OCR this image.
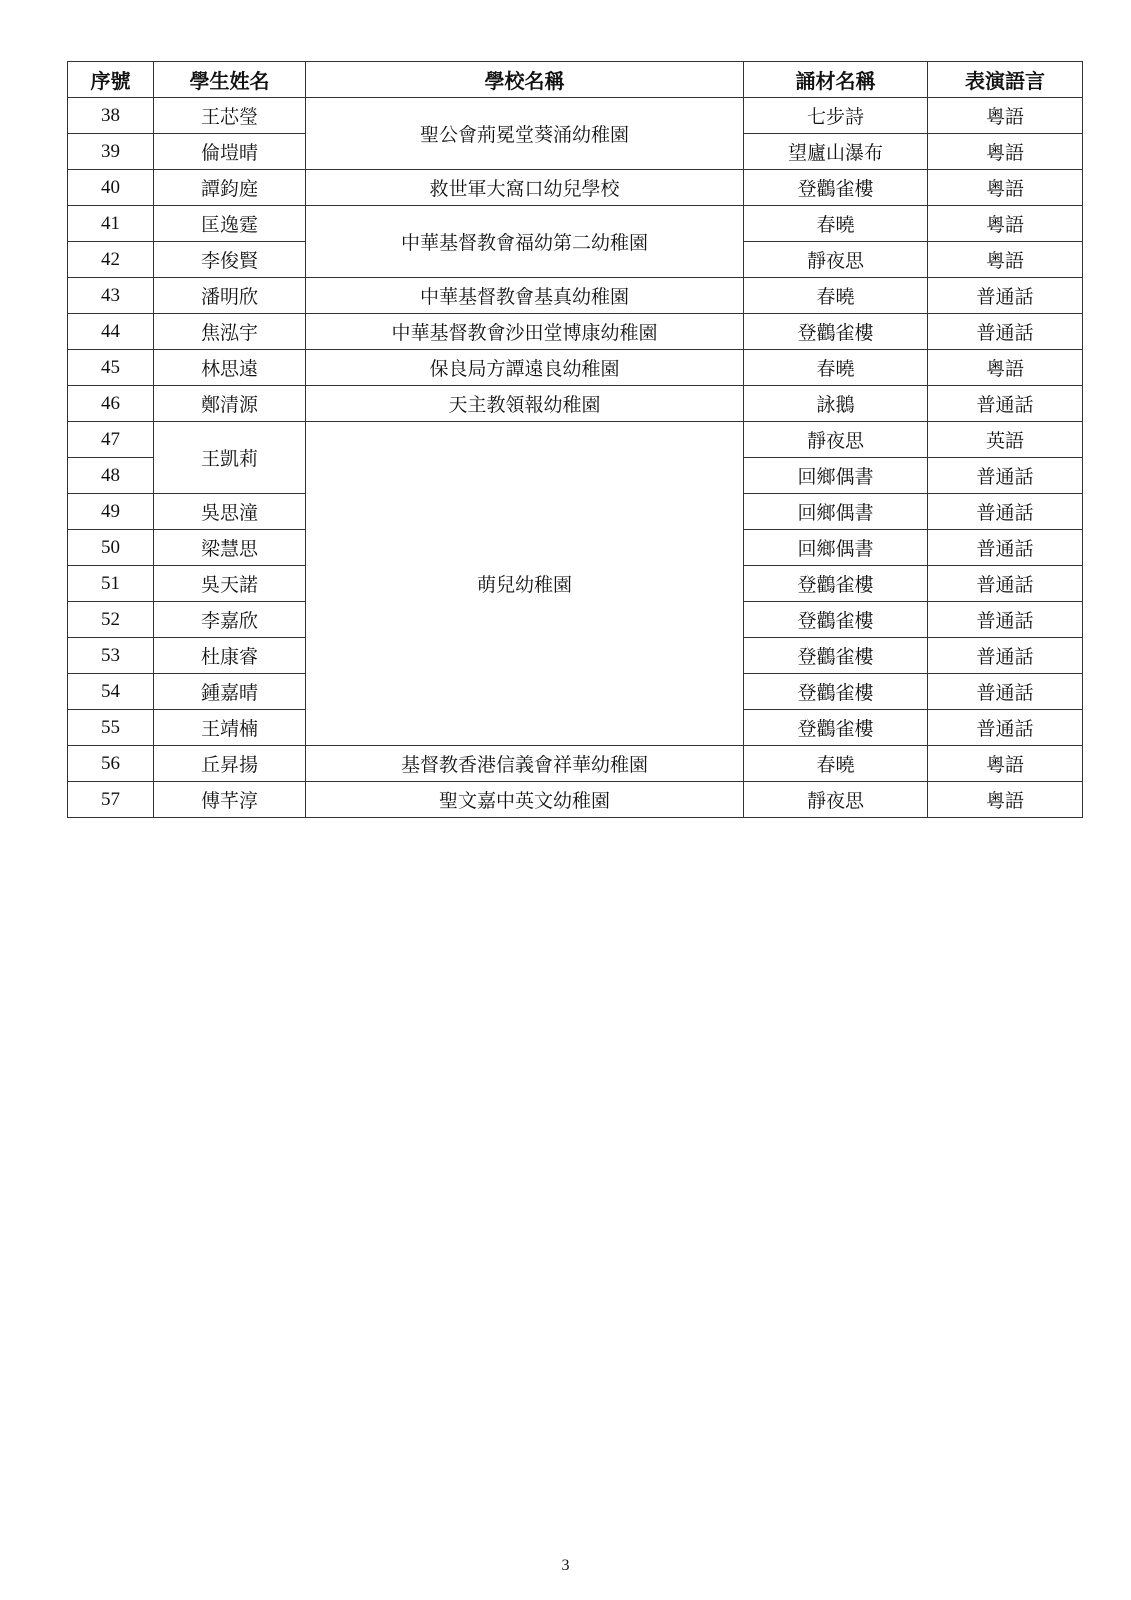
序號	學生姓名	學校名稱	誦材名稱	表演語言
38	王芯瑩	聖公會荊冕堂葵涌幼稚園	七步詩	粵語
39	倫塏晴		望廬山瀑布	粵語
40	譚鈞庭	救世軍大窩口幼兒學校	登鸛雀樓	粵語
41	匡逸霆	中華基督教會福幼第二幼稚園	春曉	粵語
42	李俊賢		靜夜思	粵語
43	潘明欣	中華基督教會基真幼稚園	春曉	普通話
44	焦泓宇	中華基督教會沙田堂博康幼稚園	登鸛雀樓	普通話
45	林思遠	保良局方譚遠良幼稚園	春曉	粵語
46	鄭清源	天主教領報幼稚園	詠鵝	普通話
47	王凱莉	萌兒幼稚園	靜夜思	英語
48			回鄉偶書	普通話
49	吳思潼		回鄉偶書	普通話
50	梁慧思		回鄉偶書	普通話
51	吳天諾		登鸛雀樓	普通話
52	李嘉欣		登鸛雀樓	普通話
53	杜康睿		登鸛雀樓	普通話
54	鍾嘉晴		登鸛雀樓	普通話
55	王靖楠		登鸛雀樓	普通話
56	丘昇揚	基督教香港信義會祥華幼稚園	春曉	粵語
57	傅芊淳	聖文嘉中英文幼稚園	靜夜思	粵語
3
